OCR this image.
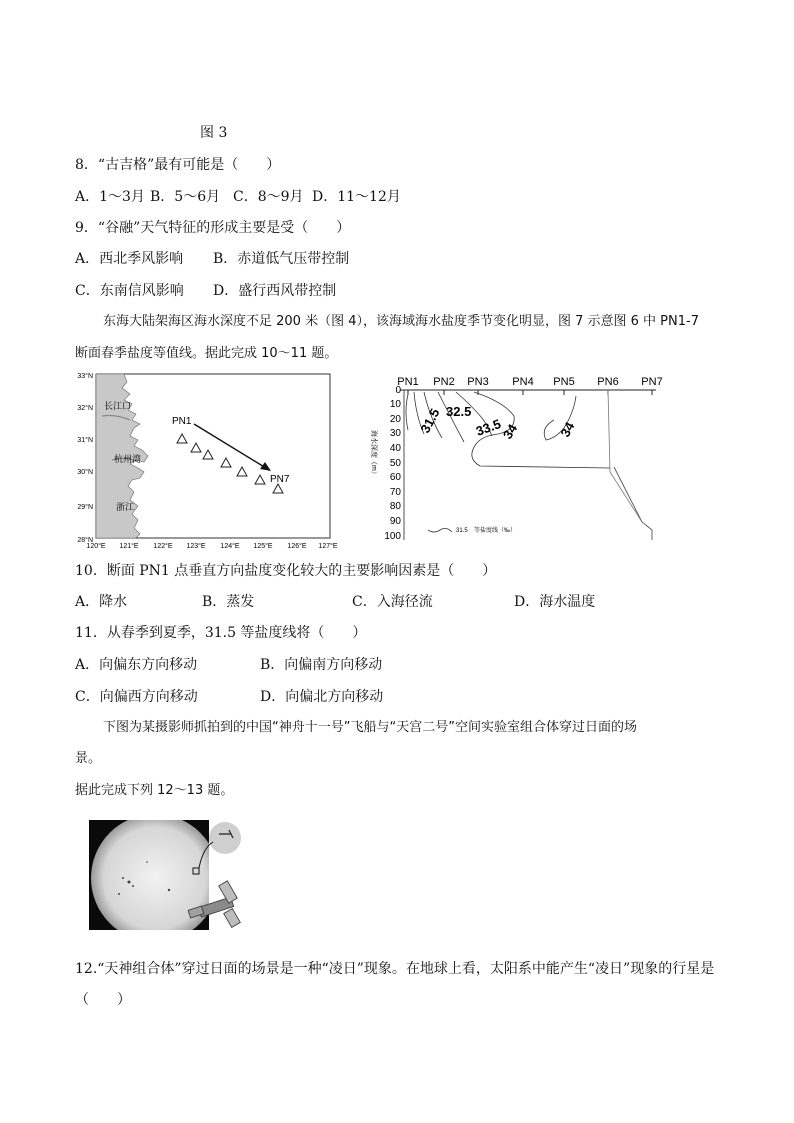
图 3
8．“古吉格”最有可能是（　　）
A．1～3月 B．5～6月 C．8～9月 D．11～12月
9．“谷融”天气特征的形成主要是受（　　）
A．西北季风影响 B．赤道低气压带控制
C．东南信风影响 D．盛行西风带控制
东海大陆架海区海水深度不足 200 米（图 4），该海域海水盐度季节变化明显，图 7 示意图 6 中 PN1-7
断面春季盐度等值线。据此完成 10～11 题。
33°N
32°N
31°N
30°N
29°N
28°N
120°E 121°E 122°E 123°E 124°E 125°E 126°E 127°E
长江口
杭州湾
浙江
PN1
PN7
PN1 PN2 PN3 PN4 PN5 PN6 PN7
0
10
20
30
40
50
60
70
80
90
100
海水深度（m）
31.5 32.5
33.5
34	34
31.5 等盐度线（‰）
10．断面 PN1 点垂直方向盐度变化较大的主要影响因素是（　　）
A．降水	B．蒸发	C．入海径流	D．海水温度
11．从春季到夏季，31.5 等盐度线将（　　）
A．向偏东方向移动	B．向偏南方向移动
C．向偏西方向移动	D．向偏北方向移动
下图为某摄影师抓拍到的中国“神舟十一号”飞船与“天宫二号”空间实验室组合体穿过日面的场
景。
据此完成下列 12～13 题。
12.“天神组合体”穿过日面的场景是一种“凌日”现象。在地球上看，太阳系中能产生“凌日”现象的行星是
（　　）
